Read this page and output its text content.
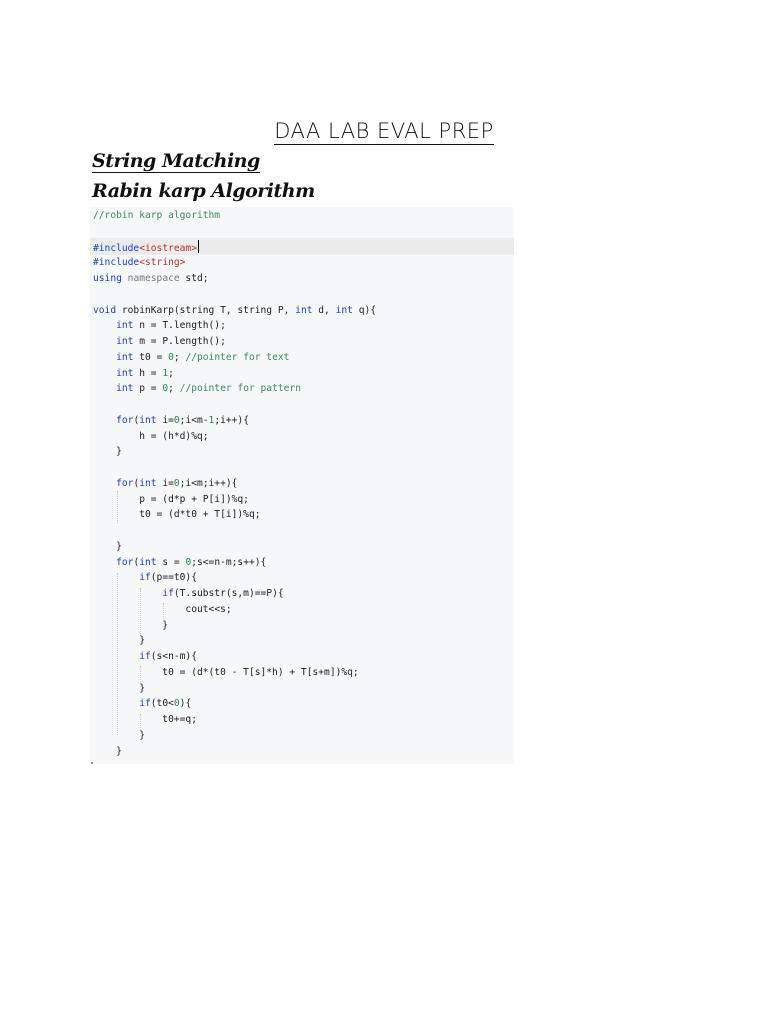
DAA LAB EVAL PREP
String Matching
Rabin karp Algorithm
//robin karp algorithm

#include<iostream>
#include<string>
using namespace std;

void robinKarp(string T, string P, int d, int q){
int n = T.length();
int m = P.length();
int t0 = 0; //pointer for text
int h = 1;
int p = 0; //pointer for pattern

for(int i=0;i<m-1;i++){
h = (h*d)%q;
}

for(int i=0;i<m;i++){
p = (d*p + P[i])%q;
t0 = (d*t0 + T[i])%q;

}
for(int s = 0;s<=n-m;s++){
if(p==t0){
if(T.substr(s,m)==P){
cout<<s;
}
}
if(s<n-m){
t0 = (d*(t0 - T[s]*h) + T[s+m])%q;
}
if(t0<0){
t0+=q;
}
}
